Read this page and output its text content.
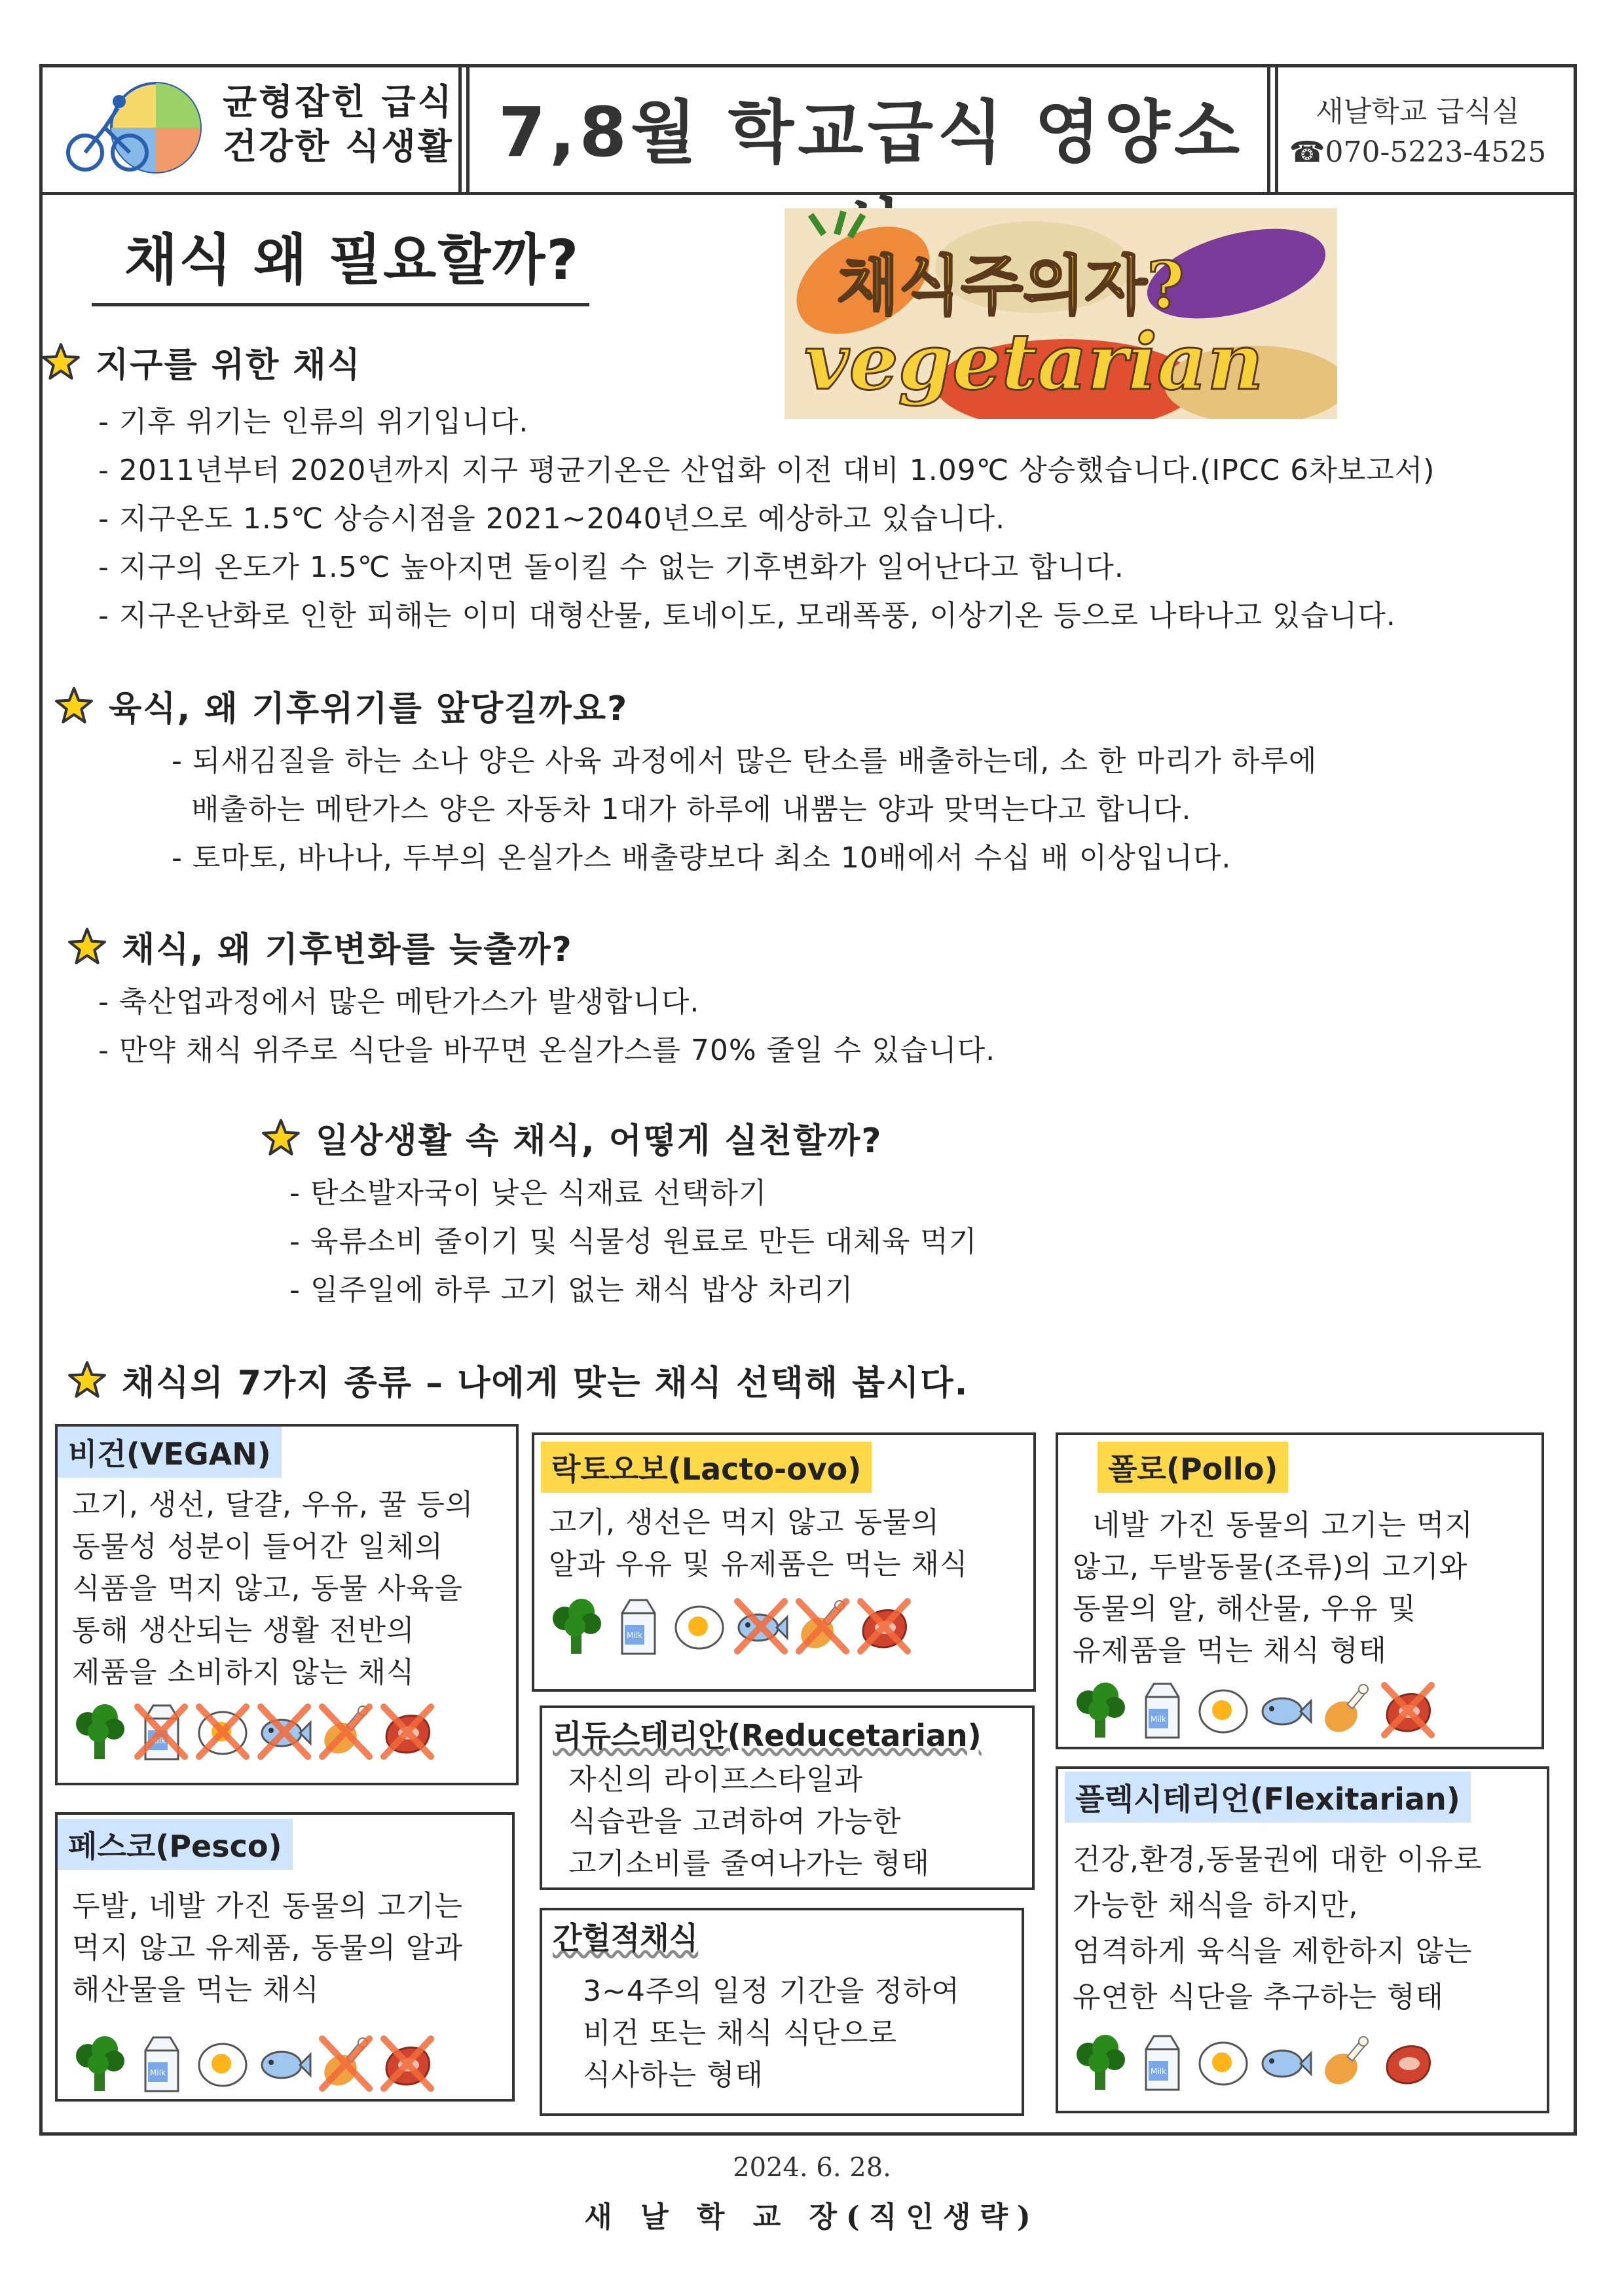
균형잡힌 급식
건강한 식생활 7,8월 학교급식 영양소	새날학교 급식실
☎070-5223-4525
채식 왜 필요할까?	채식주의자?
vegetarian
지구를 위한 채식
- 기후 위기는 인류의 위기입니다.
- 2011년부터 2020년까지 지구 평균기온은 산업화 이전 대비 1.09℃ 상승했습니다.(IPCC 6차보고서)
- 지구온도 1.5℃ 상승시점을 2021~2040년으로 예상하고 있습니다.
- 지구의 온도가 1.5℃ 높아지면 돌이킬 수 없는 기후변화가 일어난다고 합니다.
- 지구온난화로 인한 피해는 이미 대형산물, 토네이도, 모래폭풍, 이상기온 등으로 나타나고 있습니다.
육식, 왜 기후위기를 앞당길까요?
- 되새김질을 하는 소나 양은 사육 과정에서 많은 탄소를 배출하는데, 소 한 마리가 하루에
배출하는 메탄가스 양은 자동차 1대가 하루에 내뿜는 양과 맞먹는다고 합니다.
- 토마토, 바나나, 두부의 온실가스 배출량보다 최소 10배에서 수십 배 이상입니다.
채식, 왜 기후변화를 늦출까?
- 축산업과정에서 많은 메탄가스가 발생합니다.
- 만약 채식 위주로 식단을 바꾸면 온실가스를 70% 줄일 수 있습니다.
일상생활 속 채식, 어떻게 실천할까?
- 탄소발자국이 낮은 식재료 선택하기
- 육류소비 줄이기 및 식물성 원료로 만든 대체육 먹기
- 일주일에 하루 고기 없는 채식 밥상 차리기
채식의 7가지 종류 – 나에게 맞는 채식 선택해 봅시다.
비건(VEGAN)
고기, 생선, 달걀, 우유, 꿀 등의
동물성 성분이 들어간 일체의
식품을 먹지 않고, 동물 사육을
통해 생산되는 생활 전반의
제품을 소비하지 않는 채식
락토오보(Lacto-ovo)
고기, 생선은 먹지 않고 동물의
알과 우유 및 유제품은 먹는 채식
폴로(Pollo)
네발 가진 동물의 고기는 먹지
않고, 두발동물(조류)의 고기와
동물의 알, 해산물, 우유 및
유제품을 먹는 채식 형태
리듀스테리안(Reducetarian)
자신의 라이프스타일과
식습관을 고려하여 가능한
고기소비를 줄여나가는 형태
페스코(Pesco)
두발, 네발 가진 동물의 고기는
먹지 않고 유제품, 동물의 알과
해산물을 먹는 채식
간헐적채식
3~4주의 일정 기간을 정하여
비건 또는 채식 식단으로
식사하는 형태
플렉시테리언(Flexitarian)
건강,환경,동물권에 대한 이유로
가능한 채식을 하지만,
엄격하게 육식을 제한하지 않는
유연한 식단을 추구하는 형태
2024. 6. 28.
새 날 학 교 장(직인생략)
